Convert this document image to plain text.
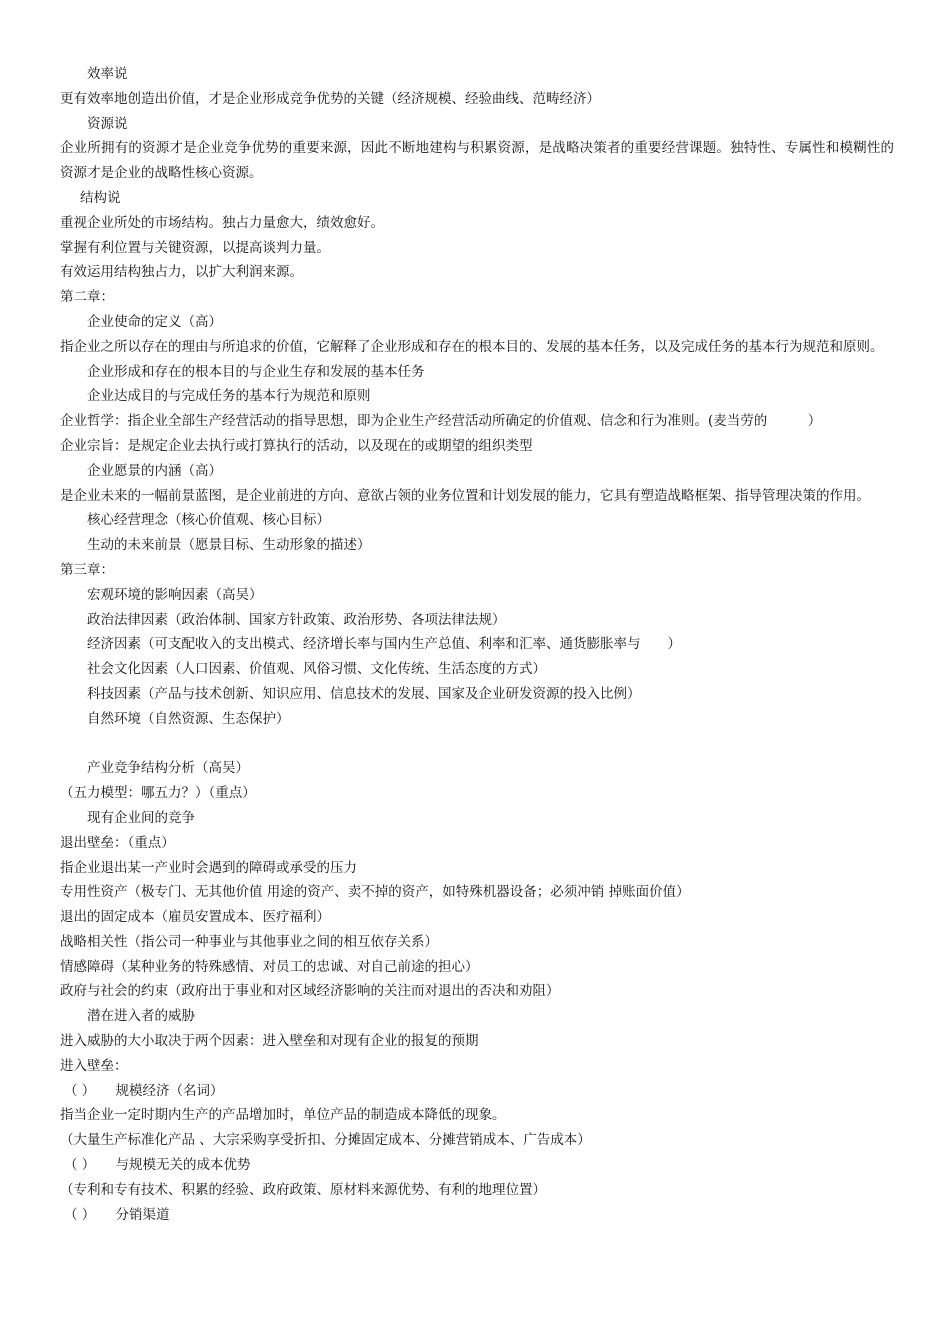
效率说
更有效率地创造出价值，才是企业形成竞争优势的关键（经济规模、经验曲线、范畴经济）
资源说
企业所拥有的资源才是企业竞争优势的重要来源，因此不断地建构与积累资源，是战略决策者的重要经营课题。独特性、专属性和模糊性的资源才是企业的战略性核心资源。
结构说
重视企业所处的市场结构。独占力量愈大，绩效愈好。
掌握有利位置与关键资源，以提高谈判力量。
有效运用结构独占力，以扩大利润来源。
第二章：
企业使命的定义（高）
指企业之所以存在的理由与所追求的价值，它解释了企业形成和存在的根本目的、发展的基本任务，以及完成任务的基本行为规范和原则。
企业形成和存在的根本目的与企业生存和发展的基本任务
企业达成目的与完成任务的基本行为规范和原则
企业哲学：指企业全部生产经营活动的指导思想，即为企业生产经营活动所确定的价值观、信念和行为准则。(麦当劳的　　　）
企业宗旨：是规定企业去执行或打算执行的活动，以及现在的或期望的组织类型
企业愿景的内涵（高）
是企业未来的一幅前景蓝图，是企业前进的方向、意欲占领的业务位置和计划发展的能力，它具有塑造战略框架、指导管理决策的作用。
核心经营理念（核心价值观、核心目标）
生动的未来前景（愿景目标、生动形象的描述）
第三章：
宏观环境的影响因素（高吴）
政治法律因素（政治体制、国家方针政策、政治形势、各项法律法规）
经济因素（可支配收入的支出模式、经济增长率与国内生产总值、利率和汇率、通货膨胀率与　　）
社会文化因素（人口因素、价值观、风俗习惯、文化传统、生活态度的方式）
科技因素（产品与技术创新、知识应用、信息技术的发展、国家及企业研发资源的投入比例）
自然环境（自然资源、生态保护）
产业竞争结构分析（高吴）
（五力模型：哪五力？）（重点）
现有企业间的竞争
退出壁垒：（重点）
指企业退出某一产业时会遇到的障碍或承受的压力
专用性资产（极专门、无其他价值 用途的资产、卖不掉的资产，如特殊机器设备；必须冲销 掉账面价值）
退出的固定成本（雇员安置成本、医疗福利）
战略相关性（指公司一种事业与其他事业之间的相互依存关系）
情感障碍（某种业务的特殊感情、对员工的忠诚、对自己前途的担心）
政府与社会的约束（政府出于事业和对区域经济影响的关注而对退出的否决和劝阻）
潜在进入者的威胁
进入威胁的大小取决于两个因素：进入壁垒和对现有企业的报复的预期
进入壁垒：
（ ）　　规模经济（名词）
指当企业一定时期内生产的产品增加时，单位产品的制造成本降低的现象。
（大量生产标准化产品 、大宗采购享受折扣、分摊固定成本、分摊营销成本、广告成本）
（ ）　　与规模无关的成本优势
（专利和专有技术、积累的经验、政府政策、原材料来源优势、有利的地理位置）
（ ）　　分销渠道
